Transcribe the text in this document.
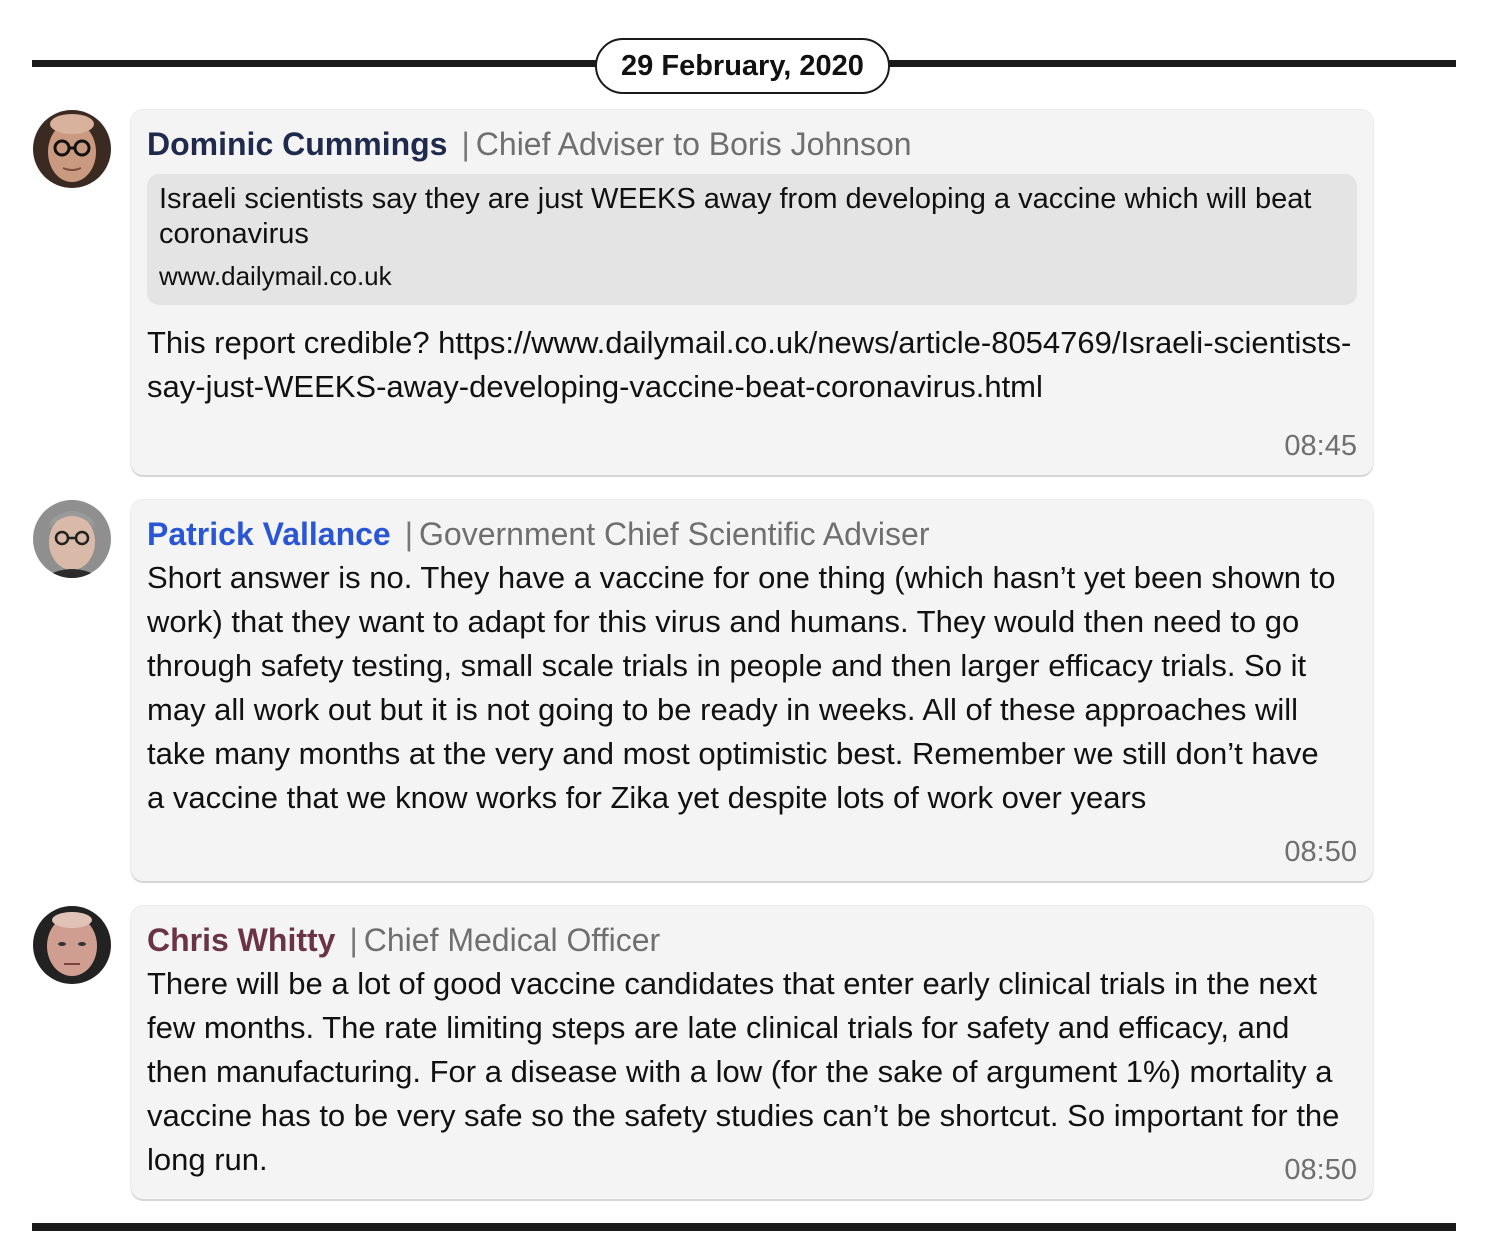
29 February, 2020
Dominic Cummings | Chief Adviser to Boris Johnson
Israeli scientists say they are just WEEKS away from developing a vaccine which will beat coronavirus
www.dailymail.co.uk
This report credible? https://www.dailymail.co.uk/news/article-8054769/Israeli-scientists-say-just-WEEKS-away-developing-vaccine-beat-coronavirus.html
08:45
Patrick Vallance | Government Chief Scientific Adviser
Short answer is no. They have a vaccine for one thing (which hasn’t yet been shown to work) that they want to adapt for this virus and humans. They would then need to go through safety testing, small scale trials in people and then larger efficacy trials. So it may all work out but it is not going to be ready in weeks. All of these approaches will take many months at the very and most optimistic best. Remember we still don’t have a vaccine that we know works for Zika yet despite lots of work over years
08:50
Chris Whitty | Chief Medical Officer
There will be a lot of good vaccine candidates that enter early clinical trials in the next few months. The rate limiting steps are late clinical trials for safety and efficacy, and then manufacturing. For a disease with a low (for the sake of argument 1%) mortality a vaccine has to be very safe so the safety studies can’t be shortcut. So important for the long run.	08:50
